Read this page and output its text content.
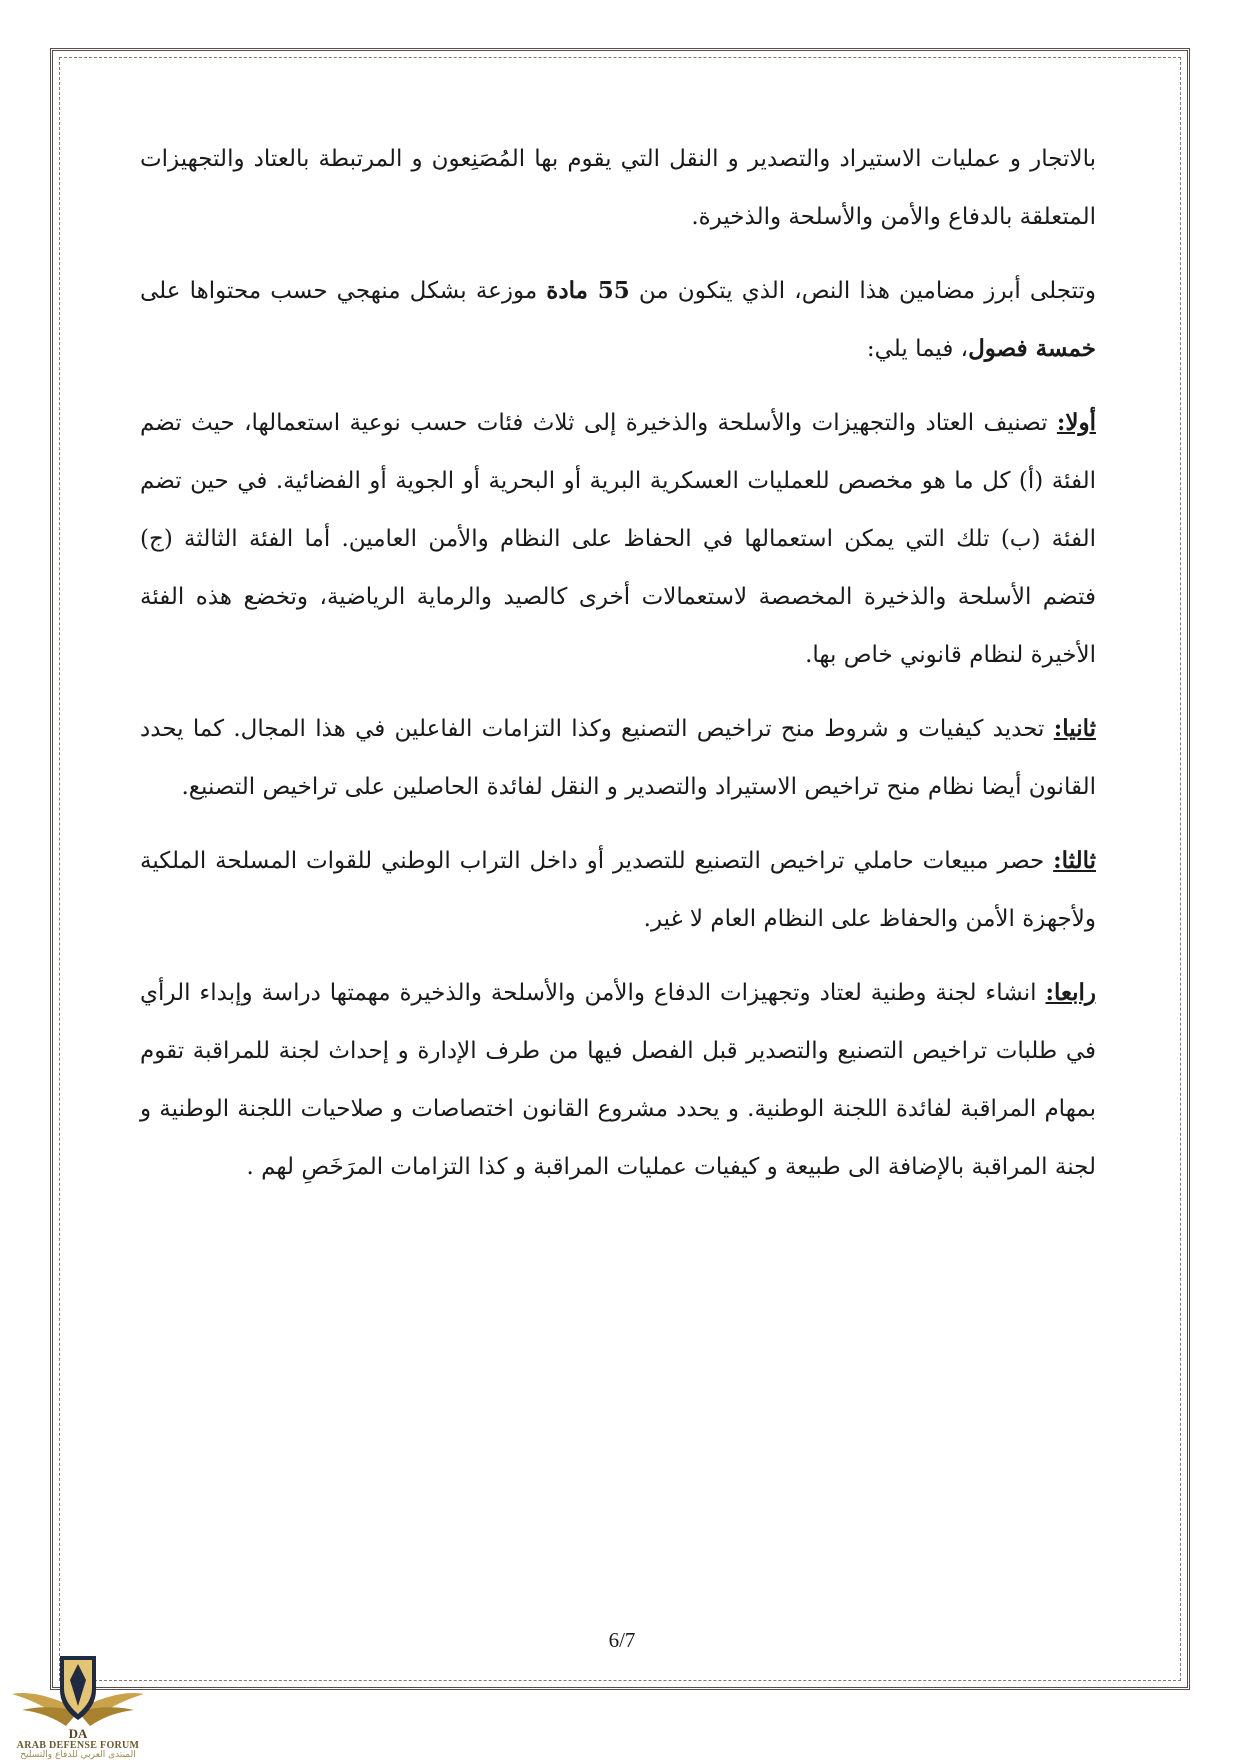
بالاتجار و عمليات الاستيراد والتصدير و النقل التي يقوم بها المُصَنِعون و المرتبطة بالعتاد والتجهيزات المتعلقة بالدفاع والأمن والأسلحة والذخيرة.

وتتجلى أبرز مضامين هذا النص، الذي يتكون من 55 مادة موزعة بشكل منهجي حسب محتواها على خمسة فصول، فيما يلي:

أولا: تصنيف العتاد والتجهيزات والأسلحة والذخيرة إلى ثلاث فئات حسب نوعية استعمالها، حيث تضم الفئة (أ) كل ما هو مخصص للعمليات العسكرية البرية أو البحرية أو الجوية أو الفضائية. في حين تضم الفئة (ب) تلك التي يمكن استعمالها في الحفاظ على النظام والأمن العامين. أما الفئة الثالثة (ج) فتضم الأسلحة والذخيرة المخصصة لاستعمالات أخرى كالصيد والرماية الرياضية، وتخضع هذه الفئة الأخيرة لنظام قانوني خاص بها.

ثانيا: تحديد كيفيات و شروط منح تراخيص التصنيع وكذا التزامات الفاعلين في هذا المجال. كما يحدد القانون أيضا نظام منح تراخيص الاستيراد والتصدير و النقل لفائدة الحاصلين على تراخيص التصنيع.

ثالثا: حصر مبيعات حاملي تراخيص التصنيع للتصدير أو داخل التراب الوطني للقوات المسلحة الملكية ولأجهزة الأمن والحفاظ على النظام العام لا غير.

رابعا: انشاء لجنة وطنية لعتاد وتجهيزات الدفاع والأمن والأسلحة والذخيرة مهمتها دراسة وإبداء الرأي في طلبات تراخيص التصنيع والتصدير قبل الفصل فيها من طرف الإدارة و إحداث لجنة للمراقبة تقوم بمهام المراقبة لفائدة اللجنة الوطنية. و يحدد مشروع القانون اختصاصات و صلاحيات اللجنة الوطنية و لجنة المراقبة بالإضافة الى طبيعة و كيفيات عمليات المراقبة و كذا التزامات المرَخَصِ لهم .

6/7
DA
ARAB DEFENSE FORUM
المنتدى العربي للدفاع والتسليح
